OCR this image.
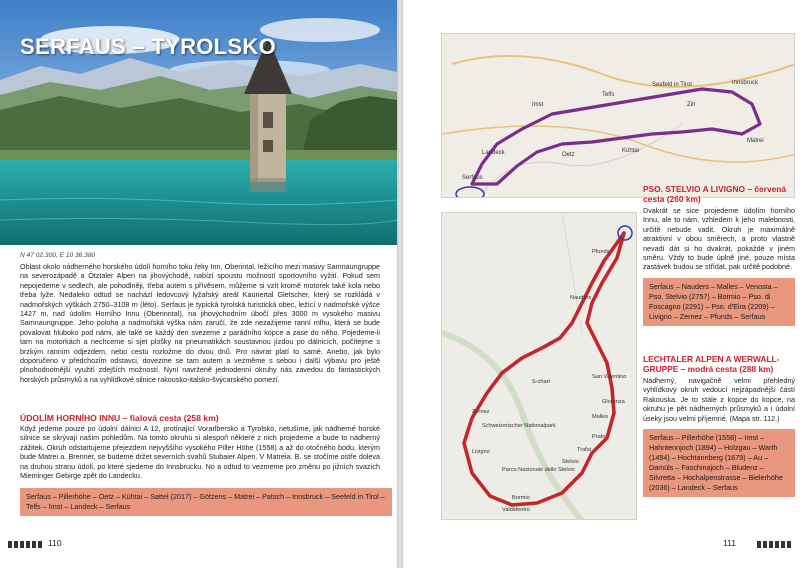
SERFAUS – TYROLSKO
N 47 02.300, E 10 36.380
Oblast okolo nádherného horského údolí horního toku řeky Inn, Oberintal, ležícího mezi masivy Samnaungruppe na severozápadě a Ötztaler Alpen na jihovýchodě, nabízí spoustu možností sportovního vyžití. Pokud sem nepojedeme v sedlech, ale pohodlněji, třeba autem s přívěsem, můžeme si vzít kromě motorek také kola nebo třeba lyže. Nedaleko odtud se nachází ledovcový lyžařský areál Kaunertal Gletscher, který se rozkládá v nadmořských výškách 2750–3108 m (léto). Serfaus je typická tyrolská turistická obec, ležící v nadmořské výšce 1427 m, nad údolím Horního Innu (Oberinntal), na jihovýchodním úbočí přes 3000 m vysokého masivu Samnaungruppe. Jeho poloha a nadmořská výška nám zaručí, že zde nezažijeme ranní mlhu, která se bude povalovat hluboko pod námi, ale také se každý den svezeme z parádního kopce a zase do něho. Pojedeme-li tam na motorkách a nechceme si sjet plošky na pneumatikách soustavnou jízdou po dálnicích, počítejme s brzkým ranním odjezdem, nebo cestu rozložme do dvou dnů. Pro návrat platí to samé. Anebo, jak bylo doporučeno v předchozím odstavci, dovezme se tam autem a vezměme s sebou i další výbavu pro ještě plnohodnotnější využití zdejších možností. Nyní navrženě jednodenní okruhy nás zavedou do fantastických horských průsmyků a na vyhlídkové silnice rakousko-italsko-švýcarského pomezí.
ÚDOLÍM HORNÍHO INNU – fialová cesta (258 km)
Když jedeme pouze po údolní dálnici A 12, protínající Vorarlbersko a Tyrolsko, netušíme, jak nádherné horské silnice se skrývají našim pohledům. Na tomto okruhu si alespoň některé z nich projedeme a bude to nádherný zážitek. Okruh odstartujeme přejezdem nejvyššího vysokého Piller Höhe (1558) a až do otočného bodu, kterým bude Matrei a. Brenner, se budeme držet severních svahů Stubaier Alpen. V Matreia. B. se stočíme ostře doleva na druhou stranu údolí, po které sjedeme do Innsbrucku. No a odtud to vezmeme pro změnu po jižních svazích Mieminger Gebirge zpět do Landecku.
Serfaus – Pillerhöhe – Oetz – Kühtai – Sattel (2017) – Götzens – Matrei – Patsch – Innsbruck – Seefeld in Tirol – Telfs – Imst – Landeck – Serfaus
110
Serfaus
Landeck
Imst
Telfs
Seefeld in Tirol
Zirl
Innsbruck
Matrei
Kühtai
Oetz
Pfunds
Nauders
San Valentino
Malles
Glorenza
Prato
Stelvio
Trafoi
Bormio
Livigno
Zernez
Schweizerischer Nationalpark
Parco Nazionale dello Stelvio
S-charl
Valdidentro
PSO. STELVIO A LIVIGNO – červená cesta (260 km)
Dvakrát se sice projedeme údolím horního Innu, ale to nám, vzhledem k jeho malebnosti, určitě nebude vadit. Okruh je maximálně atraktivní v obou směrech, a proto vlastně nevadí dát si ho dvakrát, pokaždé v jiném směru. Vždy to bude úplně jiné, pouze místa zastávek budou se střídat, pak určitě podobné.
Serfaus – Nauders – Malles – Venosta – Pso. Stelvio (2757) – Bormio – Pso. di Foscagno (2291) – Pso. d'Eira (2209) – Livigno – Zernez – Pfunds – Serfaus
LECHTALER ALPEN A WERWALL-GRUPPE – modrá cesta (288 km)
Nádherný, navigačně velmi přehledný vyhlídkový okruh vedoucí nejzápadnější částí Rakouska. Je to stále z kopce do kopce, na okruhu je pět nádherných průsmyků a i údolní úseky jsou velmi příjemné. (Mapa str. 112.)
Serfaus – Pillerhöhe (1558) – Imst – Hahntennjoch (1894) – Holzgau – Warth (1494) – Hochtannberg (1679) – Au – Damüls – Faschinajoch – Bludenz – Silvretta – Hochalpenstrasse – Bielerhöhe (2036) – Landeck – Serfaus
111
